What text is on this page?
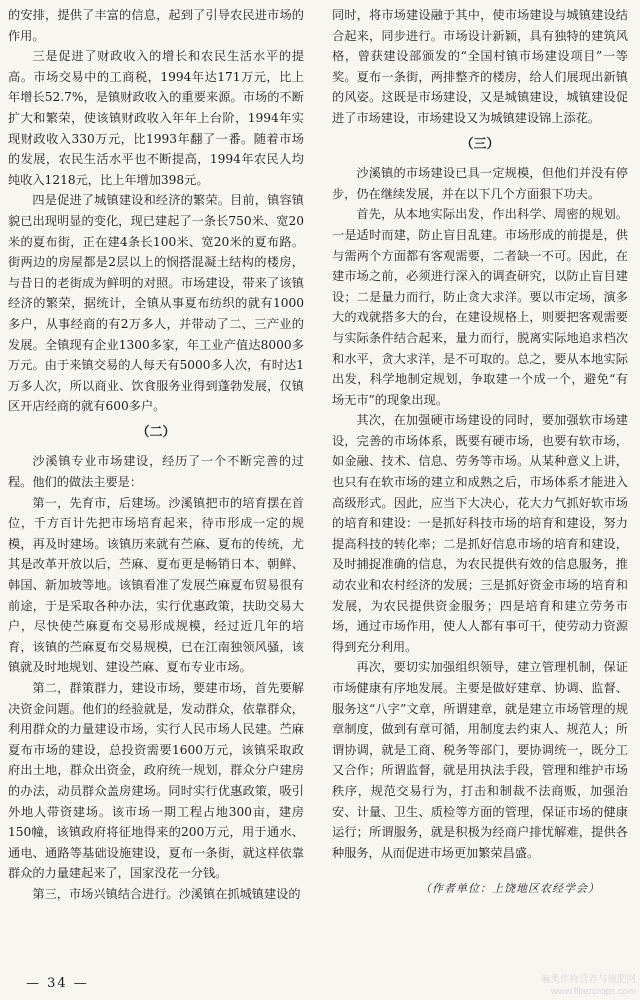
的安排，提供了丰富的信息，起到了引导农民进市场的作用。

三是促进了财政收入的增长和农民生活水平的提高。市场交易中的工商税，1994年达171万元，比上年增长52.7%，是镇财政收入的重要来源。市场的不断扩大和繁荣，使该镇财政收入年年上台阶，1994年实现财政收入330万元，比1993年翻了一番。随着市场的发展，农民生活水平也不断提高，1994年农民人均纯收入1218元，比上年增加398元。

四是促进了城镇建设和经济的繁荣。目前，镇容镇貌已出现明显的变化，现已建起了一条长750米、宽20米的夏布街，正在建4条长100米、宽20米的夏布路。街两边的房屋都是2层以上的悯搭混凝土结构的楼房，与昔日的老街成为鲜明的对照。市场建设，带来了该镇经济的繁荣，据统计，全镇从事夏布纺织的就有1000多户，从事经商的有2万多人，并带动了二、三产业的发展。全镇现有企业1300多家，年工业产值达8000多万元。由于来镇交易的人每天有5000多人次，有时达1万多人次，所以商业、饮食服务业得到蓬勃发展，仅镇区开店经商的就有600多户。

（二）

沙溪镇专业市场建设，经历了一个不断完善的过程。他们的做法主要是：

第一，先育市，后建场。沙溪镇把市的培育摆在首位，千方百计先把市场培育起来，待市形成一定的规模，再及时建场。该镇历来就有苎麻、夏布的传统，尤其是改革开放以后，苎麻、夏布更是畅销日本、朝鲜、韩国、新加坡等地。该镇看准了发展苎麻夏布贸易很有前途，于是采取各种办法，实行优惠政策，扶助交易大户，尽快使苎麻夏布交易形成规模，经过近几年的培育，该镇的苎麻夏布交易规模，已在江南独领风骚，该镇就及时地规划、建设苎麻、夏布专业市场。

第二，群策群力，建设市场，要建市场，首先要解决资金问题。他们的经验就是，发动群众，依靠群众，利用群众的力量建设市场，实行人民市场人民建。苎麻夏布市场的建设，总投资需要1600万元，该镇采取政府出土地，群众出资金，政府统一规划，群众分户建房的办法，动员群众盖房建场。同时实行优惠政策，吸引外地人带资建场。该市场一期工程占地300亩，建房150幢，该镇政府将征地得来的200万元，用于通水、通电、通路等基础设施建设，夏布一条街，就这样依靠群众的力量建起来了，国家没花一分钱。

第三，市场兴镇结合进行。沙溪镇在抓城镇建设的

同时，将市场建设融于其中，使市场建设与城镇建设结合起来，同步进行。市场设计新颖，具有独特的建筑风格，曾获建设部颁发的“全国村镇市场建设项目”一等奖。夏布一条街，两排整齐的楼房，给人们展现出新镇的风姿。这既是市场建设，又是城镇建设，城镇建设促进了市场建设，市场建设又为城镇建设锦上添花。

（三）

沙溪镇的市场建设已具一定规模，但他们并没有停步，仍在继续发展，并在以下几个方面狠下功夫。

首先，从本地实际出发，作出科学、周密的规划。一是适时而建，防止盲目乱建。市场形成的前提是，供与需两个方面都有客观需要，二者缺一不可。因此，在建市场之前，必须进行深入的调查研究，以防止盲目建设；二是量力而行，防止贪大求洋。要以市定场，演多大的戏就搭多大的台，在建设规格上，则要把客观需要与实际条件结合起来，量力而行，脱离实际地追求档次和水平，贪大求洋，是不可取的。总之，要从本地实际出发，科学地制定规划，争取建一个成一个，避免“有场无市”的现象出现。

其次，在加强硬市场建设的同时，要加强软市场建设，完善的市场体系，既要有硬市场，也要有软市场，如金融、技术、信息、劳务等市场。从某种意义上讲，也只有在软市场的建立和成熟之后，市场体系才能进入高级形式。因此，应当下大决心，花大力气抓好软市场的培育和建设：一是抓好科技市场的培育和建设，努力提高科技的转化率；二是抓好信息市场的培育和建设，及时捕捉准确的信息，为农民提供有效的信息服务，推动农业和农村经济的发展；三是抓好资金市场的培育和发展，为农民提供资金服务；四是培育和建立劳务市场，通过市场作用，使人人都有事可干，使劳动力资源得到充分利用。

再次，要切实加强组织领导，建立管理机制，保证市场健康有序地发展。主要是做好建章、协调、监督、服务这“八字”文章，所谓建章，就是建立市场管理的规章制度，做到有章可循，用制度去约束人、规范人；所谓协调，就是工商、税务等部门，要协调统一，既分工又合作；所谓监督，就是用执法手段，管理和维护市场秩序，规范交易行为，打击和制裁不法商贩，加强治安、计量、卫生、质检等方面的管理，保证市场的健康运行；所谓服务，就是积极为经商户排忧解难，提供各种服务，从而促进市场更加繁荣昌盛。

（作者单位：上饶地区农经学会）
— 34 —	麻类作物营养与施肥网
www.fibercrops.com
